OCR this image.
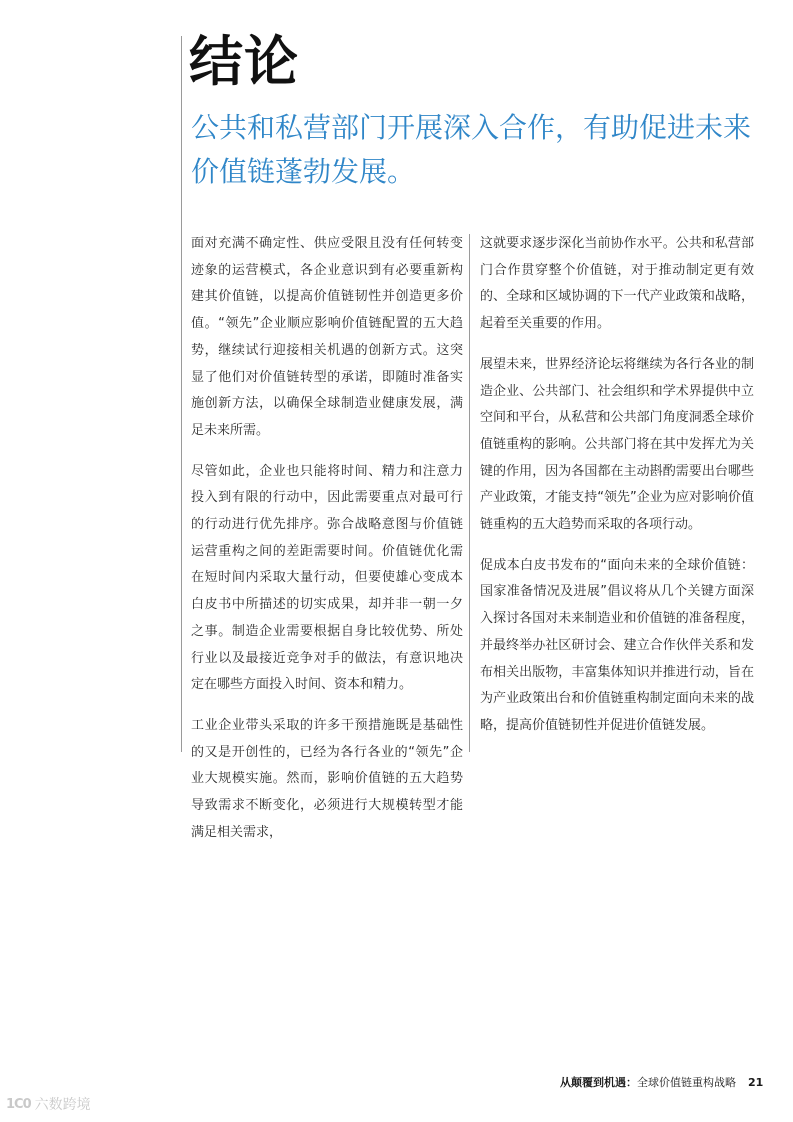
结论
公共和私营部门开展深入合作，有助促进未来价值链蓬勃发展。

面对充满不确定性、供应受限且没有任何转变迹象的运营模式，各企业意识到有必要重新构建其价值链，以提高价值链韧性并创造更多价值。“领先”企业顺应影响价值链配置的五大趋势，继续试行迎接相关机遇的创新方式。这突显了他们对价值链转型的承诺，即随时准备实施创新方法，以确保全球制造业健康发展，满足未来所需。

尽管如此，企业也只能将时间、精力和注意力投入到有限的行动中，因此需要重点对最可行的行动进行优先排序。弥合战略意图与价值链运营重构之间的差距需要时间。价值链优化需在短时间内采取大量行动，但要使雄心变成本白皮书中所描述的切实成果，却并非一朝一夕之事。制造企业需要根据自身比较优势、所处行业以及最接近竞争对手的做法，有意识地决定在哪些方面投入时间、资本和精力。

工业企业带头采取的许多干预措施既是基础性的又是开创性的，已经为各行各业的“领先”企业大规模实施。然而，影响价值链的五大趋势导致需求不断变化，必须进行大规模转型才能满足相关需求，

这就要求逐步深化当前协作水平。公共和私营部门合作贯穿整个价值链，对于推动制定更有效的、全球和区域协调的下一代产业政策和战略，起着至关重要的作用。

展望未来，世界经济论坛将继续为各行各业的制造企业、公共部门、社会组织和学术界提供中立空间和平台，从私营和公共部门角度洞悉全球价值链重构的影响。公共部门将在其中发挥尤为关键的作用，因为各国都在主动斟酌需要出台哪些产业政策，才能支持“领先”企业为应对影响价值链重构的五大趋势而采取的各项行动。

促成本白皮书发布的“面向未来的全球价值链：国家准备情况及进展”倡议将从几个关键方面深入探讨各国对未来制造业和价值链的准备程度，并最终举办社区研讨会、建立合作伙伴关系和发布相关出版物，丰富集体知识并推进行动，旨在为产业政策出台和价值链重构制定面向未来的战略，提高价值链韧性并促进价值链发展。

从颠覆到机遇：全球价值链重构战略 21
1C0 六数跨境
